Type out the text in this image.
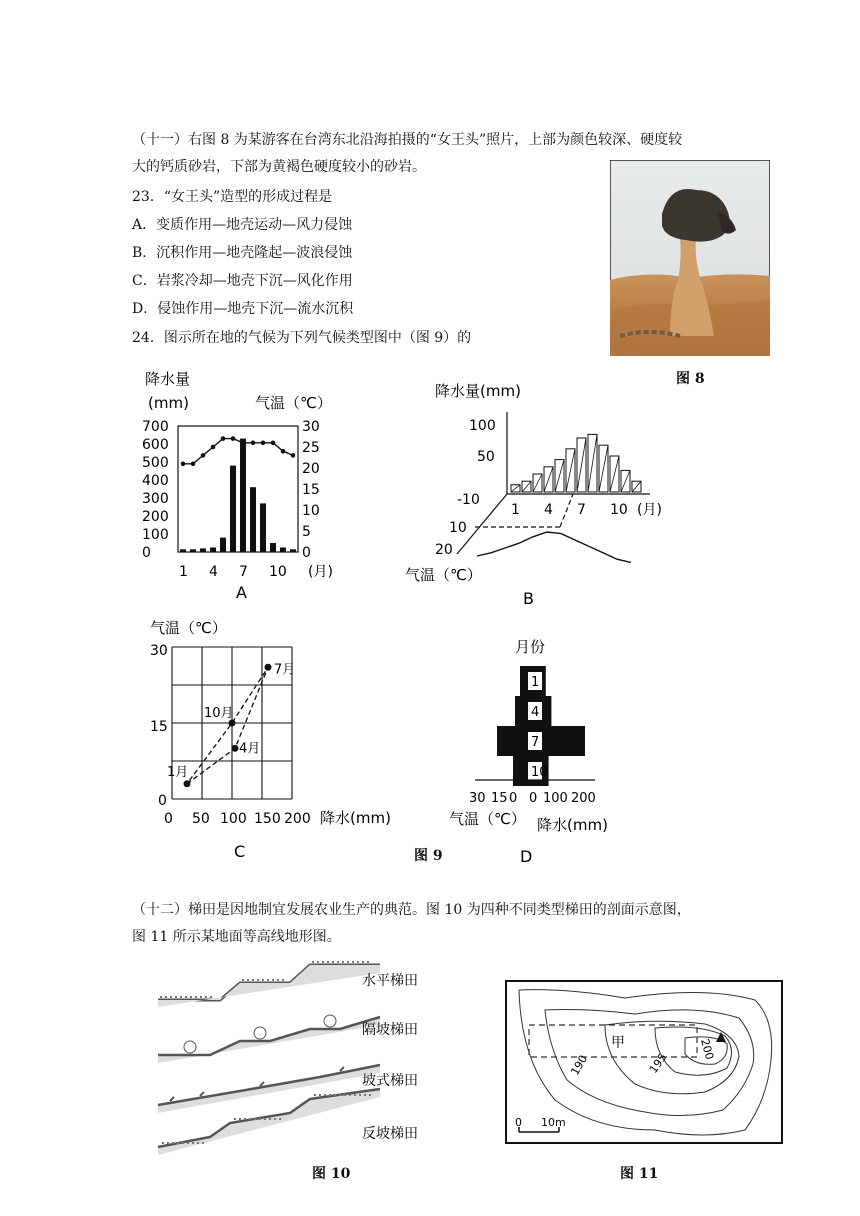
（十一）右图 8 为某游客在台湾东北沿海拍摄的“女王头”照片，上部为颜色较深、硬度较
大的钙质砂岩，下部为黄褐色硬度较小的砂岩。
23．“女王头”造型的形成过程是
A．变质作用—地壳运动—风力侵蚀
B．沉积作用—地壳隆起—波浪侵蚀
C．岩浆冷却—地壳下沉—风化作用
D．侵蚀作用—地壳下沉—流水沉积
24．图示所在地的气候为下列气候类型图中（图 9）的
图 8
降水量
(mm)	气温（℃）
700
600
500
400
300
200
100
0
30
25
20
15
10
5
0
1 4 7 10 (月)
A
降水量(mm)
100
50
-10
10
20
1 4 7 10 (月)
气温（℃）
B
气温（℃）
30
15
0
0 50 100 150 200 降水(mm)
1月
4月
7月
10月
C	图 9
月份
1
4
7
10
30 15 0 0 100 200
气温（℃） 降水(mm)
D
（十二）梯田是因地制宜发展农业生产的典范。图 10 为四种不同类型梯田的剖面示意图，
图 11 所示某地面等高线地形图。
水平梯田
隔坡梯田
坡式梯田
反坡梯田
图 10
甲
190	195
200
0 10m
图 11
